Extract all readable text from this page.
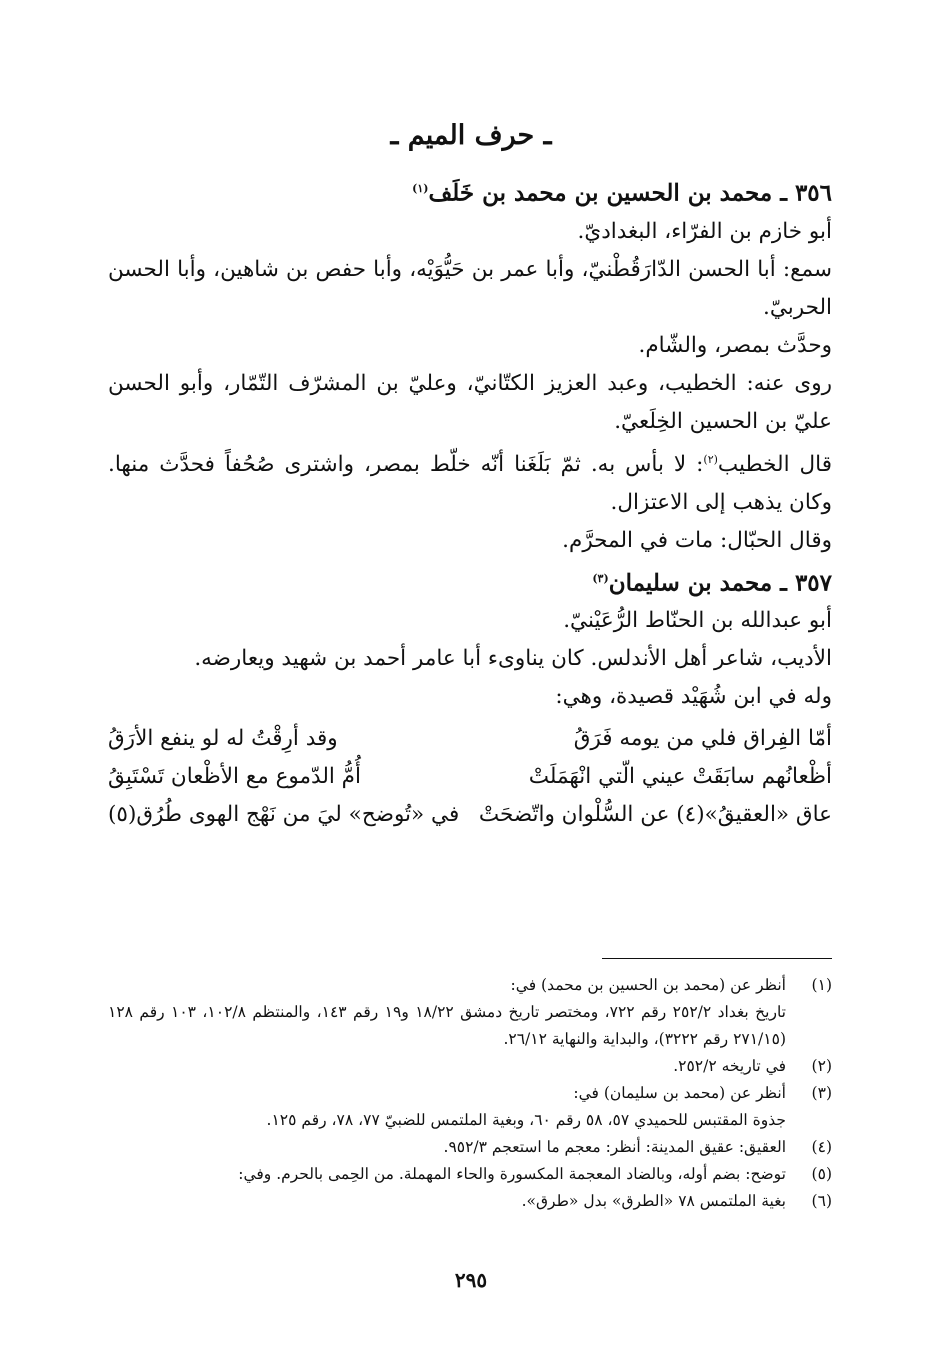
ـ حرف الميم ـ

٣٥٦ ـ محمد بن الحسين بن محمد بن خَلَف$^{(١)}$

أبو خازم بن الفرّاء، البغداديّ.

سمع: أبا الحسن الدّارَقُطْنيّ، وأبا عمر بن حَيُّوَيْه، وأبا حفص بن شاهين، وأبا الحسن الحربيّ.

وحدَّث بمصر، والشّام.

روى عنه: الخطيب، وعبد العزيز الكتّانيّ، وعليّ بن المشرّف التّمّار، وأبو الحسن عليّ بن الحسين الخِلَعيّ.

قال الخطيب$^{(٢)}$: لا بأس به. ثمّ بَلَغَنا أنّه خلّط بمصر، واشترى صُحُفاً فحدَّث منها. وكان يذهب إلى الاعتزال.

وقال الحبّال: مات في المحرَّم.

٣٥٧ ـ محمد بن سليمان$^{(٣)}$

أبو عبدالله بن الحنّاط الرُّعَيْنيّ.

الأديب، شاعر أهل الأندلس. كان يناوىء أبا عامر أحمد بن شهيد ويعارضه.

وله في ابن شُهَيْد قصيدة، وهي:

أمّا الفِراق فلي من يومه فَرَقُ
وقد أرِقْتُ له لو ينفع الأرَقُ
أظْعانُهم سابَقَتْ عيني الّتي انْهَمَلَتْ
أُمُّ الدّموع مع الأظْعان تَسْتَبِقُ
عاق «العقيقُ»(٤) عن السُّلْوان واتّضحَتْ
في «تُوضح» ليَ من نَهْج الهوى طُرُق(٥)
(١)
أنظر عن (محمد بن الحسين بن محمد) في:
تاريخ بغداد ٢٥٢/٢ رقم ٧٢٢، ومختصر تاريخ دمشق ١٨/٢٢ و١٩ رقم ١٤٣، والمنتظم ١٠٢/٨، ١٠٣ رقم ١٢٨ (٢٧١/١٥ رقم ٣٢٢٢)، والبداية والنهاية ٢٦/١٢.
(٢)
في تاريخه ٢٥٢/٢.
(٣)
أنظر عن (محمد بن سليمان) في:
جذوة المقتبس للحميدي ٥٧، ٥٨ رقم ٦٠، وبغية الملتمس للضبيّ ٧٧، ٧٨، رقم ١٢٥.
(٤)
العقيق: عقيق المدينة: أنظر: معجم ما استعجم ٩٥٢/٣.
(٥)
توضح: بضم أوله، وبالضاد المعجمة المكسورة والحاء المهملة. من الحِمى بالحرم. وفي:
(٦)
بغية الملتمس ٧٨ «الطرق» بدل «طرق».
٢٩٥
